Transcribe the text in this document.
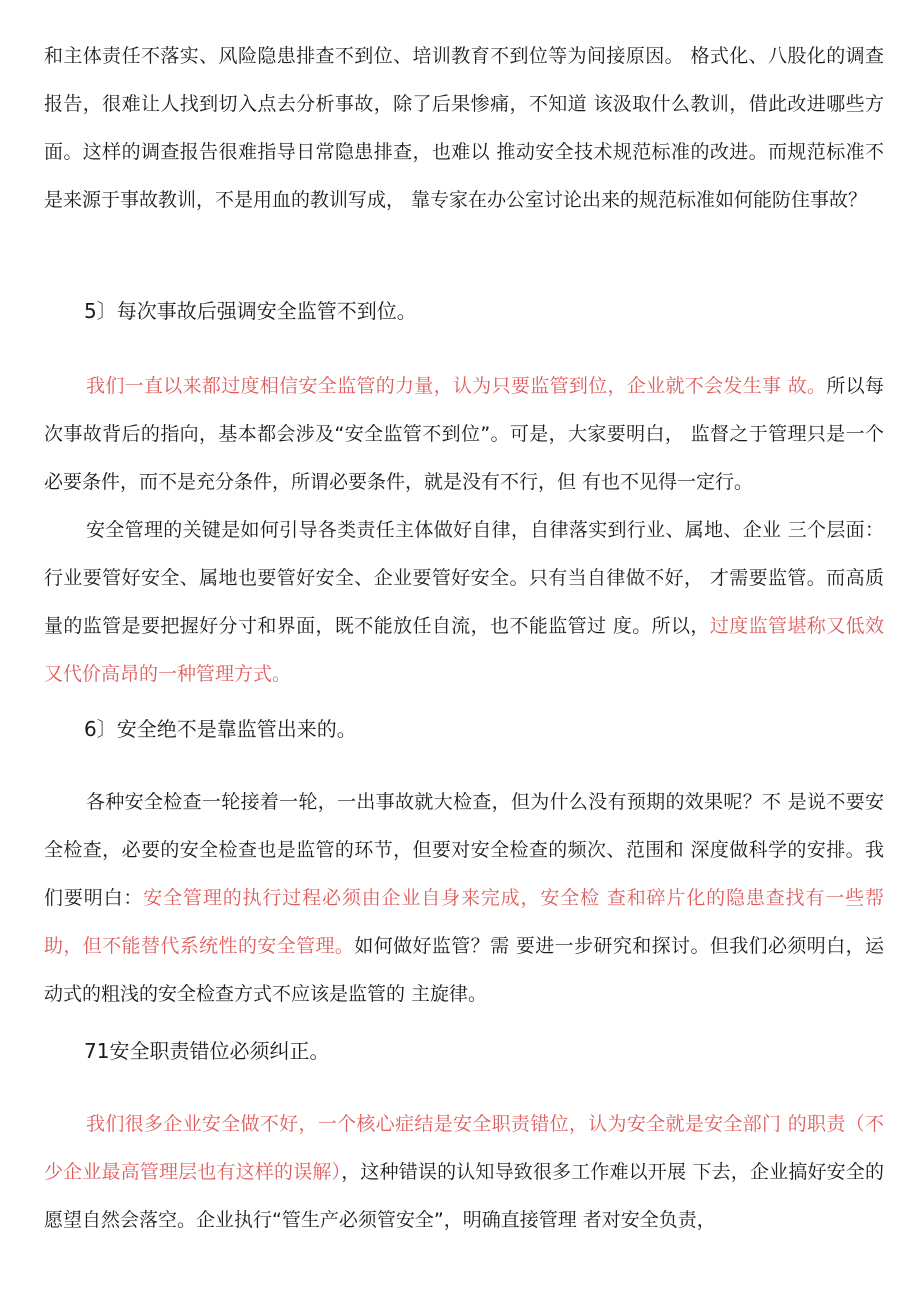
和主体责任不落实、风险隐患排查不到位、培训教育不到位等为间接原因。 格式化、八股化的调查报告，很难让人找到切入点去分析事故，除了后果惨痛，不知道 该汲取什么教训，借此改进哪些方面。这样的调查报告很难指导日常隐患排查，也难以 推动安全技术规范标准的改进。而规范标准不是来源于事故教训，不是用血的教训写成， 靠专家在办公室讨论出来的规范标准如何能防住事故？

5〕每次事故后强调安全监管不到位。

我们一直以来都过度相信安全监管的力量，认为只要监管到位，企业就不会发生事 故。所以每次事故背后的指向，基本都会涉及“安全监管不到位”。可是，大家要明白， 监督之于管理只是一个必要条件，而不是充分条件，所谓必要条件，就是没有不行，但 有也不见得一定行。

安全管理的关键是如何引导各类责任主体做好自律，自律落实到行业、属地、企业 三个层面：行业要管好安全、属地也要管好安全、企业要管好安全。只有当自律做不好， 才需要监管。而高质量的监管是要把握好分寸和界面，既不能放任自流，也不能监管过 度。所以，过度监管堪称又低效又代价高昂的一种管理方式。

6〕安全绝不是靠监管出来的。

各种安全检查一轮接着一轮，一出事故就大检查，但为什么没有预期的效果呢？不 是说不要安全检查，必要的安全检查也是监管的环节，但要对安全检查的频次、范围和 深度做科学的安排。我们要明白：安全管理的执行过程必须由企业自身来完成，安全检 查和碎片化的隐患查找有一些帮助，但不能替代系统性的安全管理。如何做好监管？需 要进一步研究和探讨。但我们必须明白，运动式的粗浅的安全检查方式不应该是监管的 主旋律。

71安全职责错位必须纠正。

我们很多企业安全做不好，一个核心症结是安全职责错位，认为安全就是安全部门 的职责（不少企业最高管理层也有这样的误解），这种错误的认知导致很多工作难以开展 下去，企业搞好安全的愿望自然会落空。企业执行“管生产必须管安全”，明确直接管理 者对安全负责，
